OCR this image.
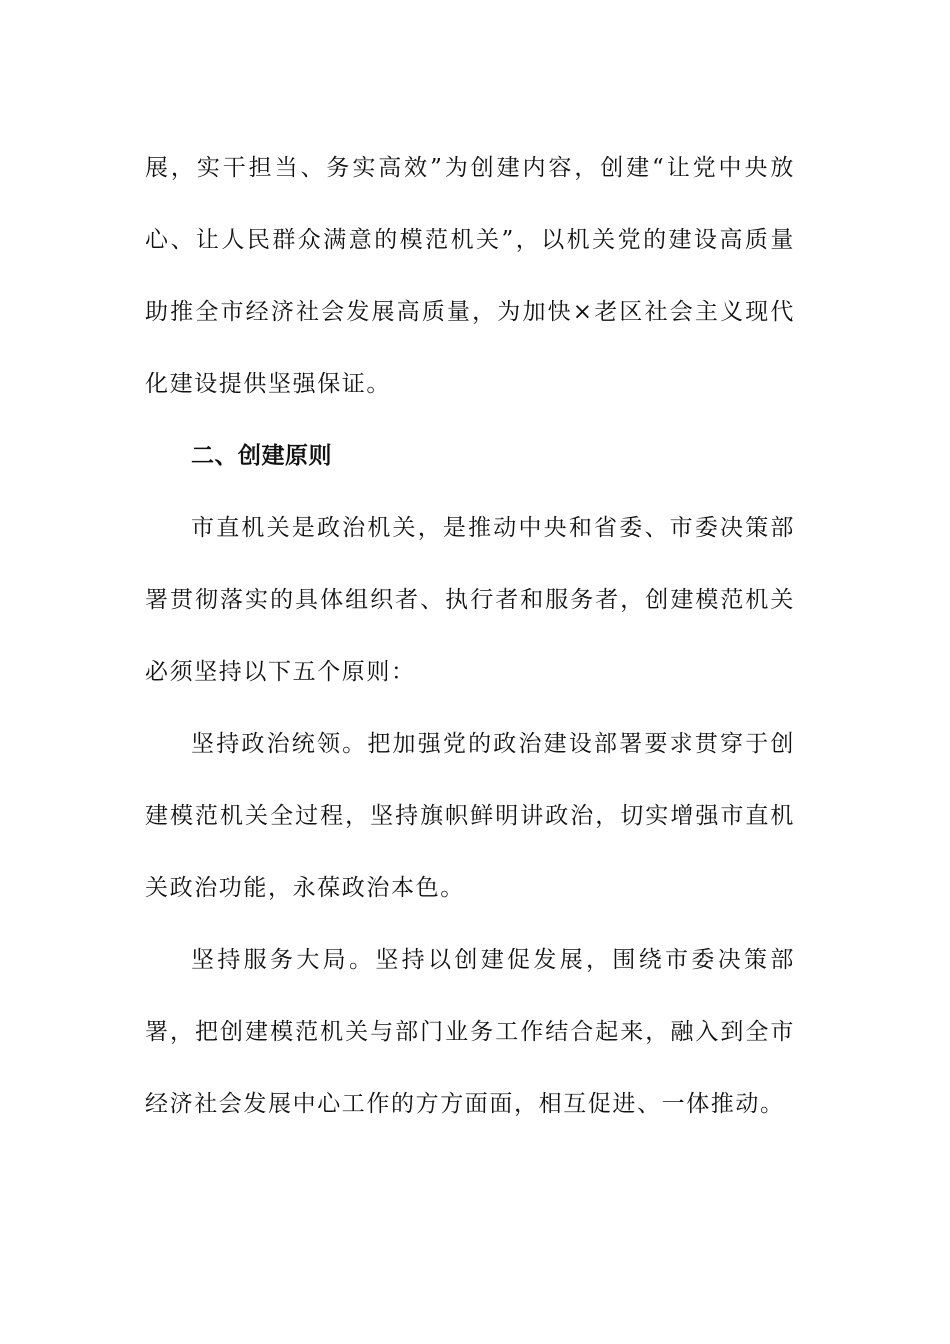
展，实干担当、务实高效”为创建内容，创建“让党中央放心、让人民群众满意的模范机关”，以机关党的建设高质量助推全市经济社会发展高质量，为加快×老区社会主义现代化建设提供坚强保证。

二、创建原则

市直机关是政治机关，是推动中央和省委、市委决策部署贯彻落实的具体组织者、执行者和服务者，创建模范机关必须坚持以下五个原则：

坚持政治统领。把加强党的政治建设部署要求贯穿于创建模范机关全过程，坚持旗帜鲜明讲政治，切实增强市直机关政治功能，永葆政治本色。

坚持服务大局。坚持以创建促发展，围绕市委决策部署，把创建模范机关与部门业务工作结合起来，融入到全市经济社会发展中心工作的方方面面，相互促进、一体推动。
